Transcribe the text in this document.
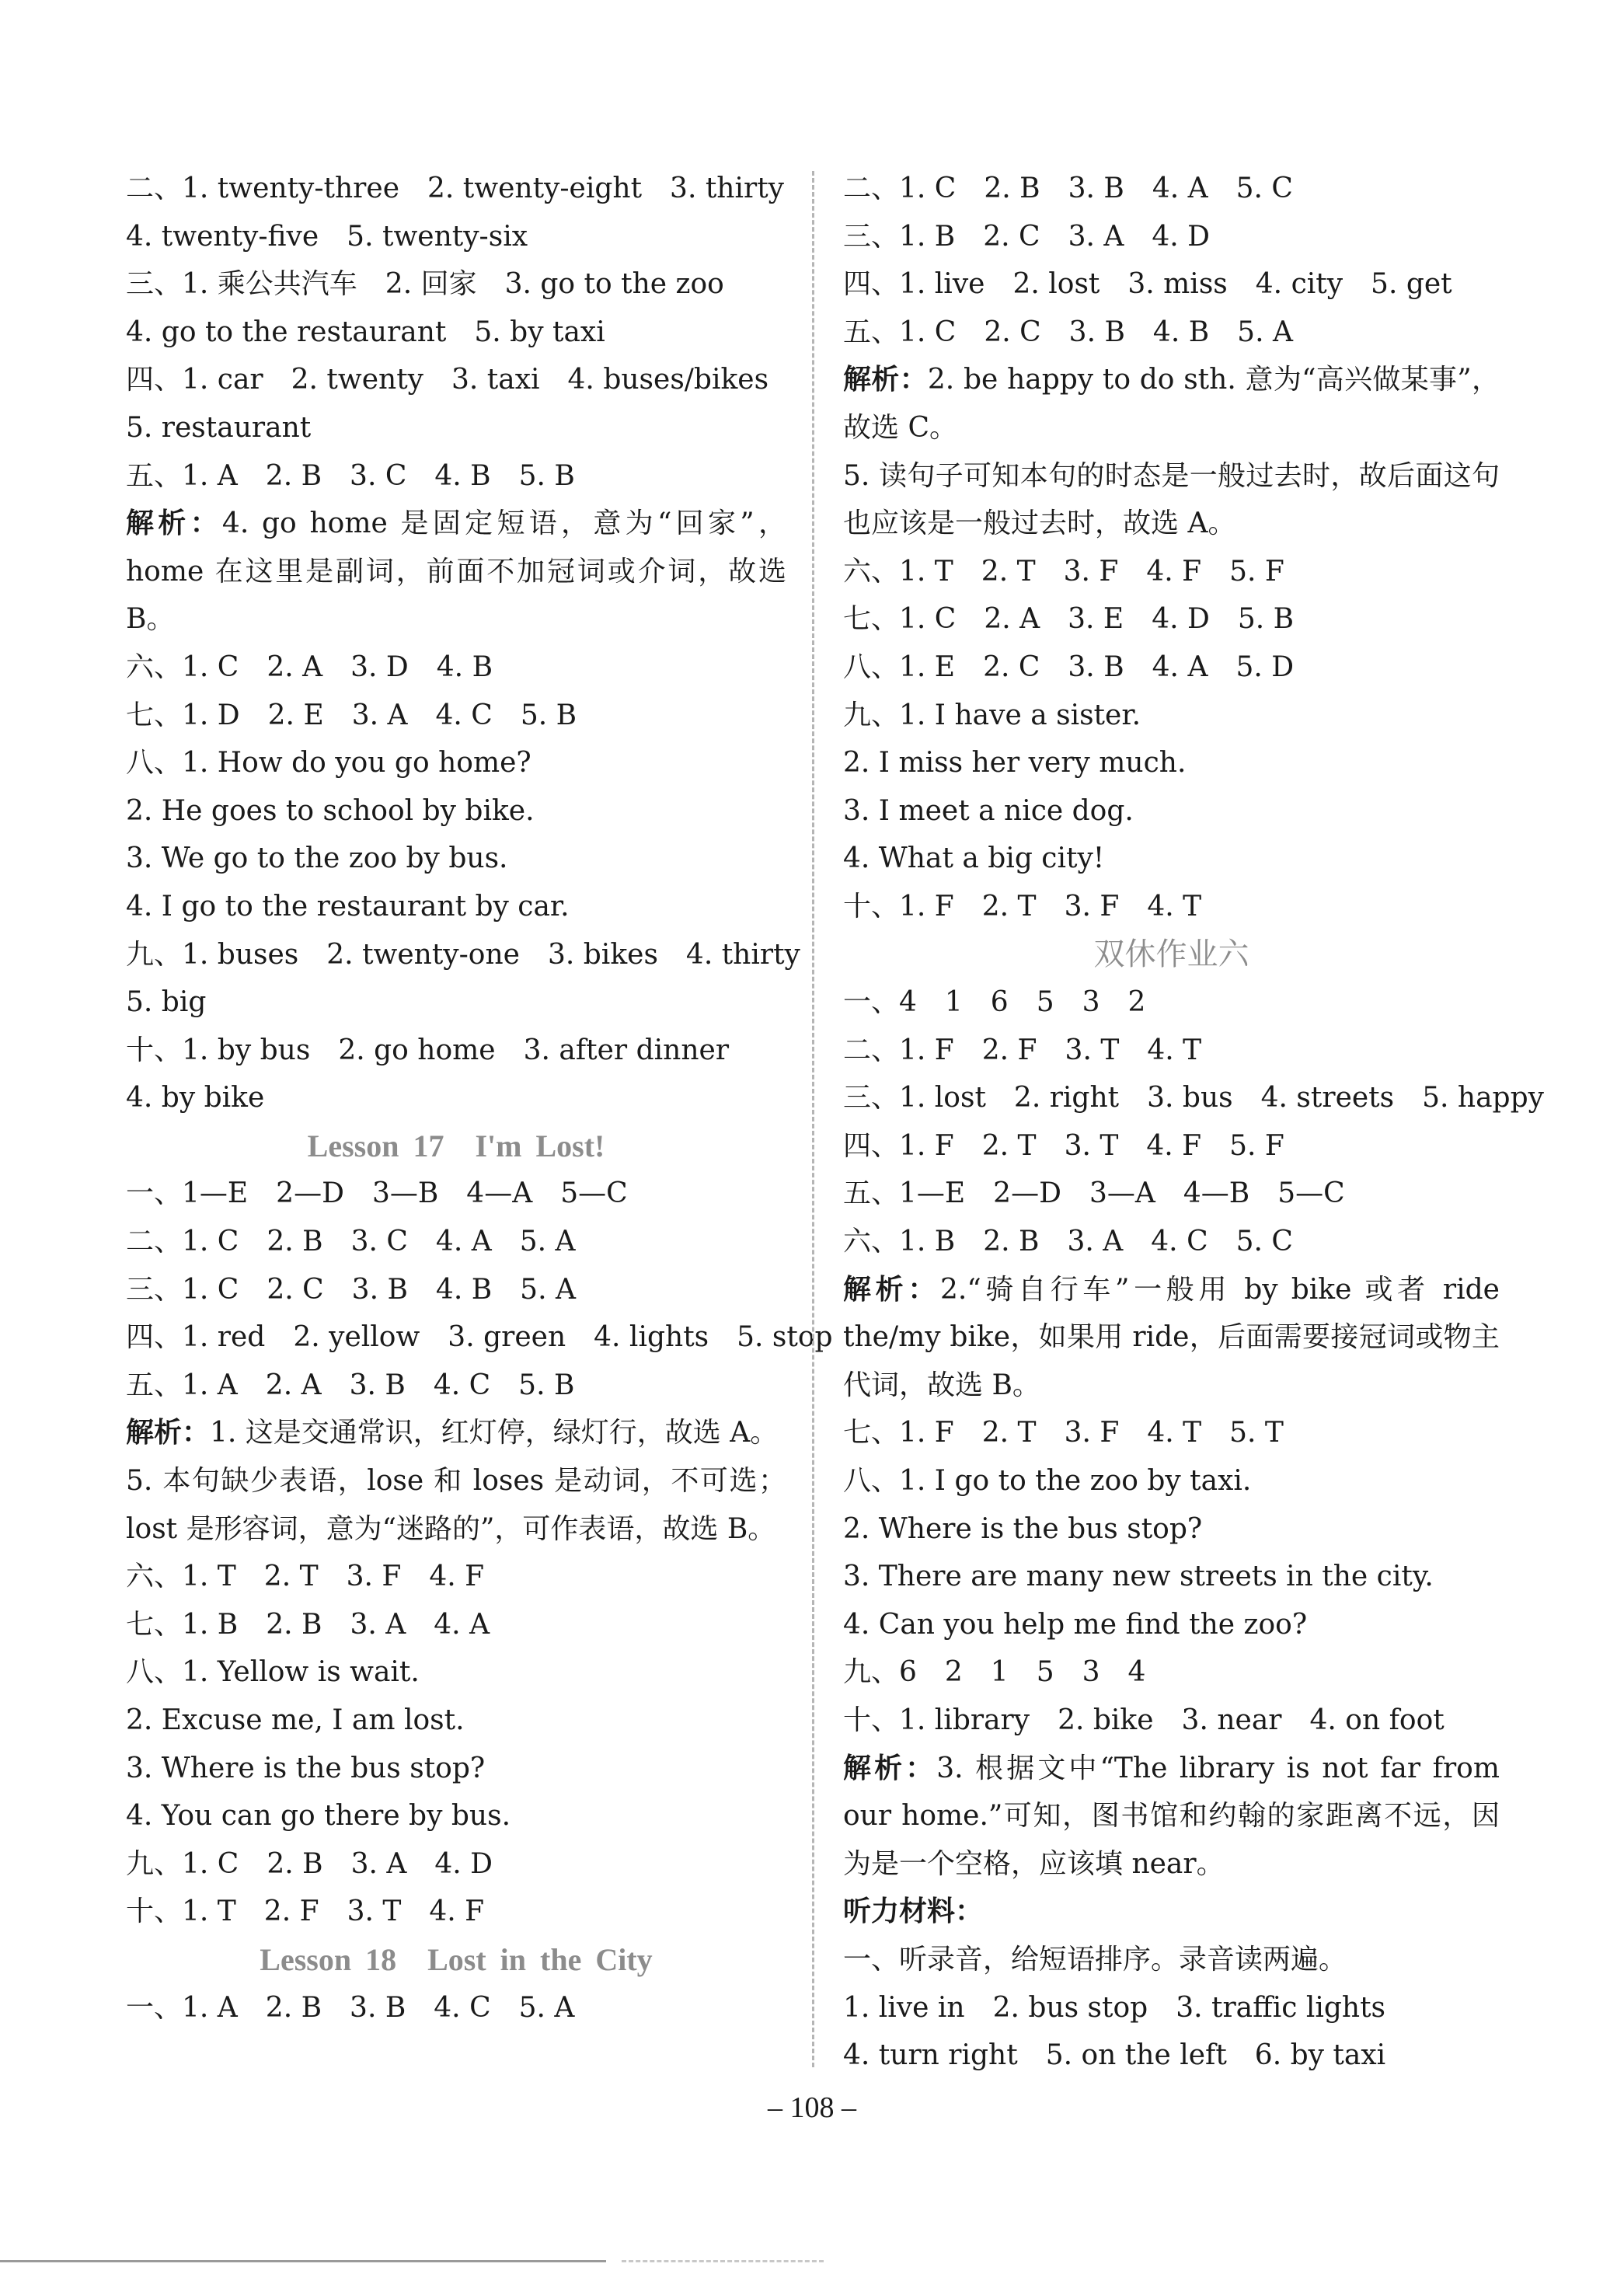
二、1. twenty-three  2. twenty-eight  3. thirty

4. twenty-five  5. twenty-six

三、1. 乘公共汽车  2. 回家  3. go to the zoo

4. go to the restaurant  5. by taxi

四、1. car  2. twenty  3. taxi  4. buses/bikes

5. restaurant

五、1. A  2. B  3. C  4. B  5. B

解析：4. go home 是固定短语，意为“回家”，home 在这里是副词，前面不加冠词或介词，故选 B。

六、1. C  2. A  3. D  4. B

七、1. D  2. E  3. A  4. C  5. B

八、1. How do you go home?

2. He goes to school by bike.

3. We go to the zoo by bus.

4. I go to the restaurant by car.

九、1. buses  2. twenty-one  3. bikes  4. thirty

5. big

十、1. by bus  2. go home  3. after dinner

4. by bike

Lesson 17  I'm Lost!

一、1—E  2—D  3—B  4—A  5—C

二、1. C  2. B  3. C  4. A  5. A

三、1. C  2. C  3. B  4. B  5. A

四、1. red  2. yellow  3. green  4. lights  5. stop

五、1. A  2. A  3. B  4. C  5. B

解析：1. 这是交通常识，红灯停，绿灯行，故选 A。

5. 本句缺少表语，lose 和 loses 是动词，不可选；lost 是形容词，意为“迷路的”，可作表语，故选 B。

六、1. T  2. T  3. F  4. F

七、1. B  2. B  3. A  4. A

八、1. Yellow is wait.

2. Excuse me, I am lost.

3. Where is the bus stop?

4. You can go there by bus.

九、1. C  2. B  3. A  4. D

十、1. T  2. F  3. T  4. F

Lesson 18  Lost in the City

一、1. A  2. B  3. B  4. C  5. A

二、1. C  2. B  3. B  4. A  5. C

三、1. B  2. C  3. A  4. D

四、1. live  2. lost  3. miss  4. city  5. get

五、1. C  2. C  3. B  4. B  5. A

解析：2. be happy to do sth. 意为“高兴做某事”，故选 C。

5. 读句子可知本句的时态是一般过去时，故后面这句也应该是一般过去时，故选 A。

六、1. T  2. T  3. F  4. F  5. F

七、1. C  2. A  3. E  4. D  5. B

八、1. E  2. C  3. B  4. A  5. D

九、1. I have a sister.

2. I miss her very much.

3. I meet a nice dog.

4. What a big city!

十、1. F  2. T  3. F  4. T

双休作业六

一、4  1  6  5  3  2

二、1. F  2. F  3. T  4. T

三、1. lost  2. right  3. bus  4. streets  5. happy

四、1. F  2. T  3. T  4. F  5. F

五、1—E  2—D  3—A  4—B  5—C

六、1. B  2. B  3. A  4. C  5. C

解析：2.“骑自行车”一般用 by bike 或者 ride the/my bike，如果用 ride，后面需要接冠词或物主代词，故选 B。

七、1. F  2. T  3. F  4. T  5. T

八、1. I go to the zoo by taxi.

2. Where is the bus stop?

3. There are many new streets in the city.

4. Can you help me find the zoo?

九、6  2  1  5  3  4

十、1. library  2. bike  3. near  4. on foot

解析：3. 根据文中“The library is not far from our home.”可知，图书馆和约翰的家距离不远，因为是一个空格，应该填 near。

听力材料：

一、听录音，给短语排序。录音读两遍。

1. live in  2. bus stop  3. traffic lights

4. turn right  5. on the left  6. by taxi

– 108 –
